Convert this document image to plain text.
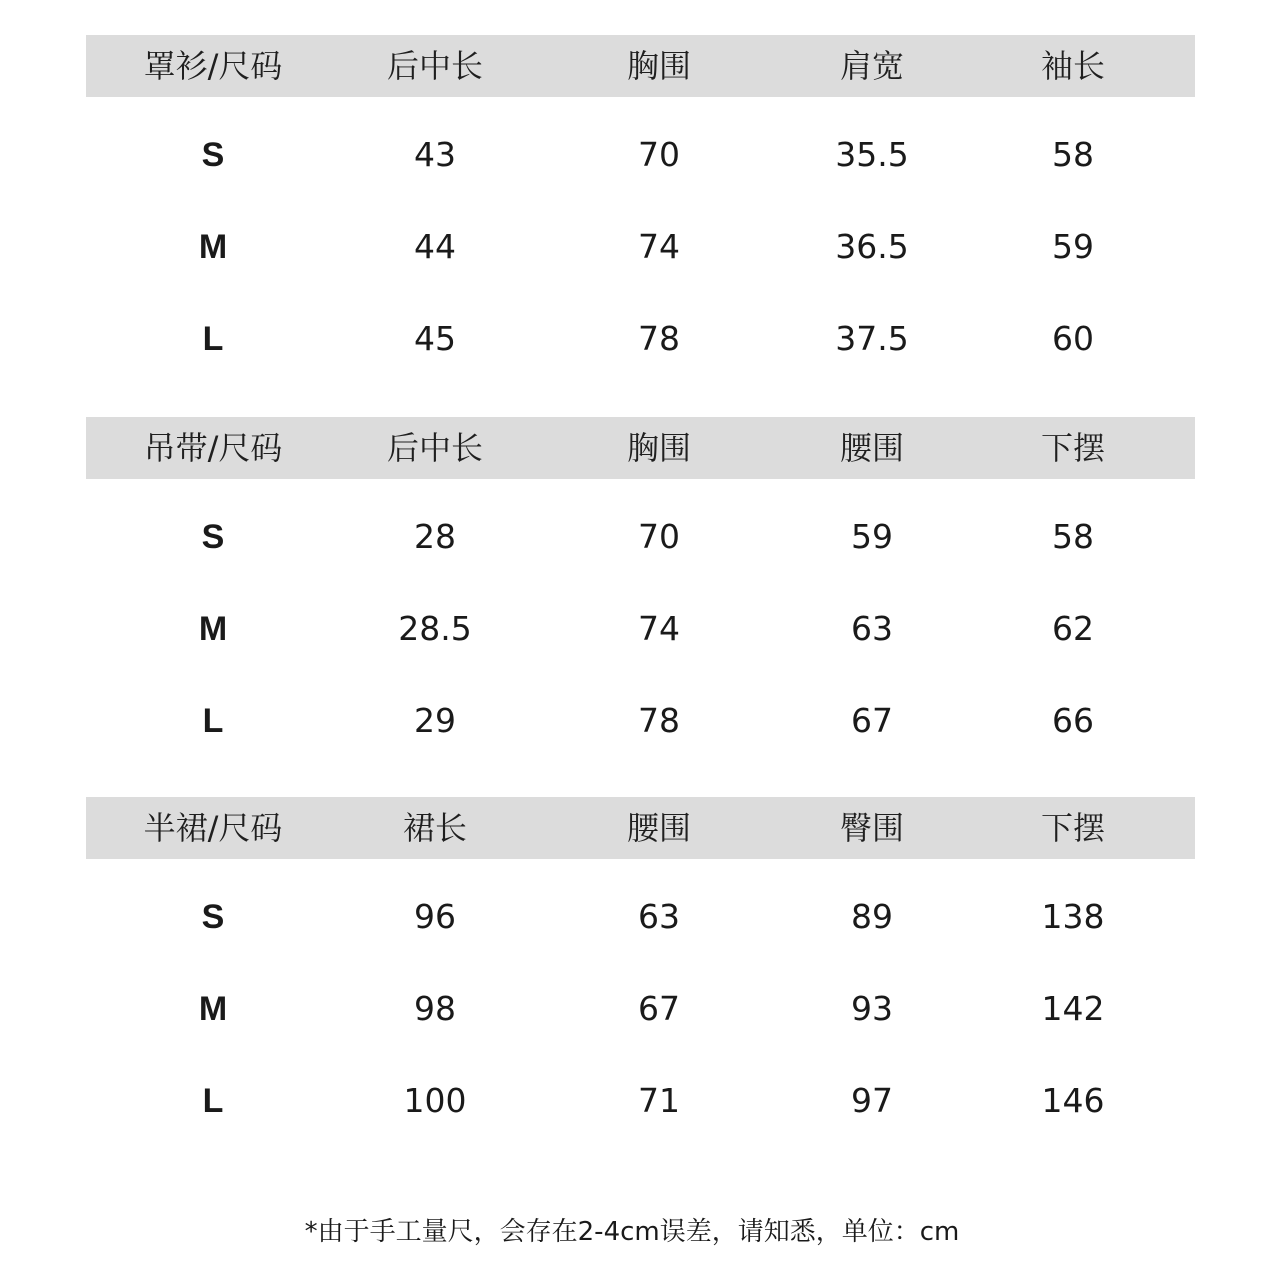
罩衫/尺码	后中长	胸围	肩宽	袖长
S	43	70	35.5	58
M	44	74	36.5	59
L	45	78	37.5	60
吊带/尺码	后中长	胸围	腰围	下摆
S	28	70	59	58
M	28.5	74	63	62
L	29	78	67	66
半裙/尺码	裙长	腰围	臀围	下摆
S	96	63	89	138
M	98	67	93	142
L	100	71	97	146
*由于手工量尺，会存在2-4cm误差，请知悉，单位：cm
